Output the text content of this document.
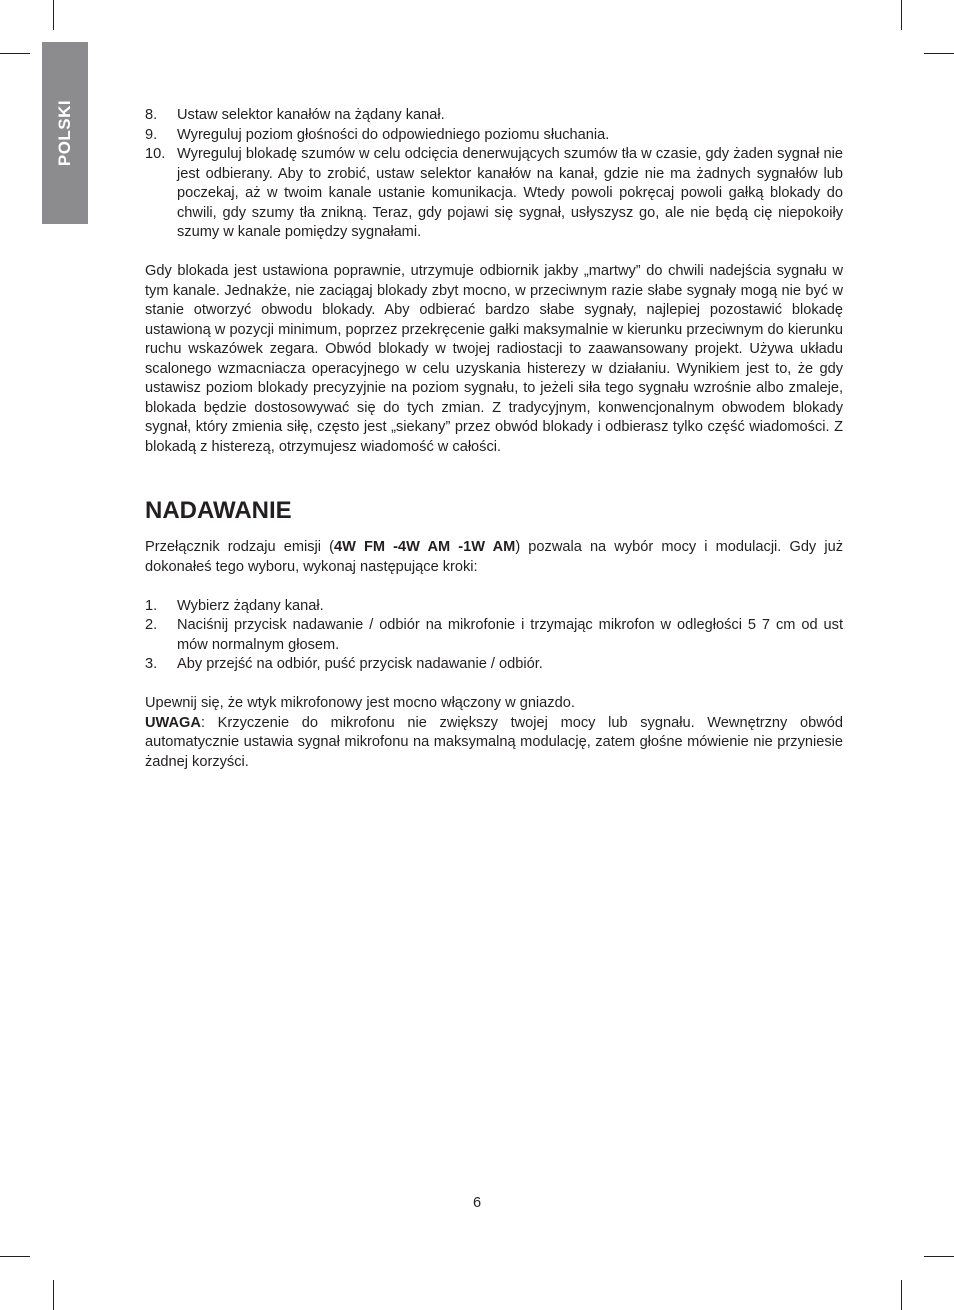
POLSKI	8. Ustaw selektor kanałów na żądany kanał.
9. Wyreguluj poziom głośności do odpowiedniego poziomu słuchania.
10. Wyreguluj blokadę szumów w celu odcięcia denerwujących szumów tła w czasie, gdy żaden sygnał nie jest odbierany. Aby to zrobić, ustaw selektor kanałów na kanał, gdzie nie ma żadnych sygnałów lub poczekaj, aż w twoim kanale ustanie komunikacja. Wtedy powoli pokręcaj powoli gałką blokady do chwili, gdy szumy tła znikną. Teraz, gdy pojawi się sygnał, usłyszysz go, ale nie będą cię niepokoiły szumy w kanale pomiędzy sygnałami.

Gdy blokada jest ustawiona poprawnie, utrzymuje odbiornik jakby „martwy” do chwili nadejścia sygnału w tym kanale. Jednakże, nie zaciągaj blokady zbyt mocno, w przeciwnym razie słabe sygnały mogą nie być w stanie otworzyć obwodu blokady. Aby odbierać bardzo słabe sygnały, najlepiej pozostawić blokadę ustawioną w pozycji minimum, poprzez przekręcenie gałki maksymalnie w kierunku przeciwnym do kierunku ruchu wskazówek zegara. Obwód blokady w twojej radiostacji to zaawansowany projekt. Używa układu scalonego wzmacniacza operacyjnego w celu uzyskania histerezy w działaniu. Wynikiem jest to, że gdy ustawisz poziom blokady precyzyjnie na poziom sygnału, to jeżeli siła tego sygnału wzrośnie albo zmaleje, blokada będzie dostosowywać się do tych zmian. Z tradycyjnym, konwencjonalnym obwodem blokady sygnał, który zmienia siłę, często jest „siekany” przez obwód blokady i odbierasz tylko część wiadomości. Z blokadą z histerezą, otrzymujesz wiadomość w całości.

NADAWANIE

Przełącznik rodzaju emisji (4W FM -4W AM -1W AM) pozwala na wybór mocy i modulacji. Gdy już dokonałeś tego wyboru, wykonaj następujące kroki:

1. Wybierz żądany kanał.
2. Naciśnij przycisk nadawanie / odbiór na mikrofonie i trzymając mikrofon w odległości 5 7 cm od ust mów normalnym głosem.
3. Aby przejść na odbiór, puść przycisk nadawanie / odbiór.

Upewnij się, że wtyk mikrofonowy jest mocno włączony w gniazdo.

UWAGA: Krzyczenie do mikrofonu nie zwiększy twojej mocy lub sygnału. Wewnętrzny obwód automatycznie ustawia sygnał mikrofonu na maksymalną modulację, zatem głośne mówienie nie przyniesie żadnej korzyści.

6
